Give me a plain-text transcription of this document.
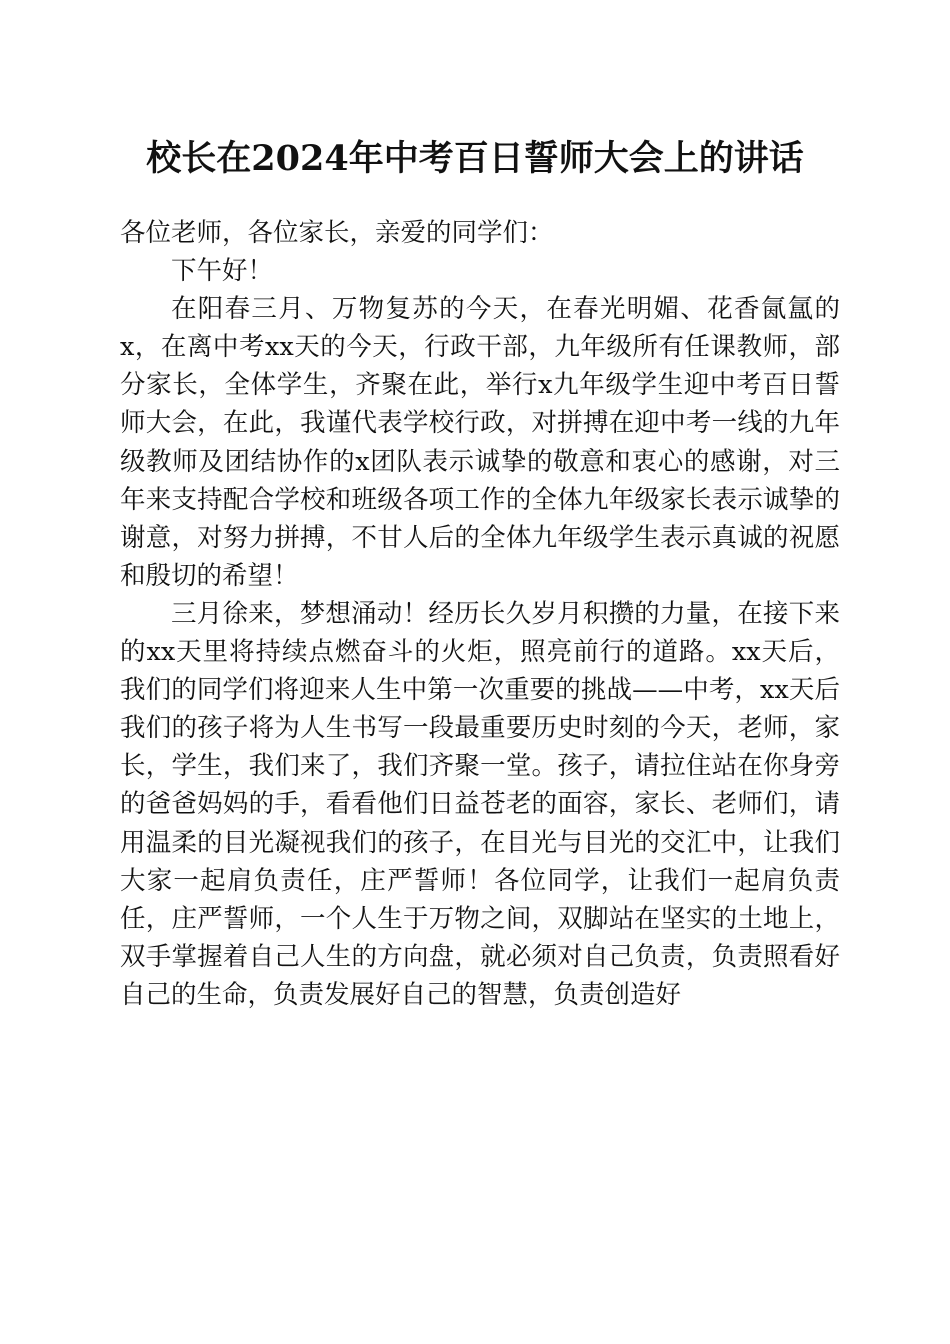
校长在2024年中考百日誓师大会上的讲话

各位老师，各位家长，亲爱的同学们：

下午好！

在阳春三月、万物复苏的今天，在春光明媚、花香氤氲的x，在离中考xx天的今天，行政干部，九年级所有任课教师，部分家长，全体学生，齐聚在此，举行x九年级学生迎中考百日誓师大会，在此，我谨代表学校行政，对拼搏在迎中考一线的九年级教师及团结协作的x团队表示诚挚的敬意和衷心的感谢，对三年来支持配合学校和班级各项工作的全体九年级家长表示诚挚的谢意，对努力拼搏，不甘人后的全体九年级学生表示真诚的祝愿和殷切的希望！

三月徐来，梦想涌动！经历长久岁月积攒的力量，在接下来的xx天里将持续点燃奋斗的火炬，照亮前行的道路。xx天后，我们的同学们将迎来人生中第一次重要的挑战——中考，xx天后我们的孩子将为人生书写一段最重要历史时刻的今天，老师，家长，学生，我们来了，我们齐聚一堂。孩子，请拉住站在你身旁的爸爸妈妈的手，看看他们日益苍老的面容，家长、老师们，请用温柔的目光凝视我们的孩子，在目光与目光的交汇中，让我们大家一起肩负责任，庄严誓师！各位同学，让我们一起肩负责任，庄严誓师，一个人生于万物之间，双脚站在坚实的土地上，双手掌握着自己人生的方向盘，就必须对自己负责，负责照看好自己的生命，负责发展好自己的智慧，负责创造好
